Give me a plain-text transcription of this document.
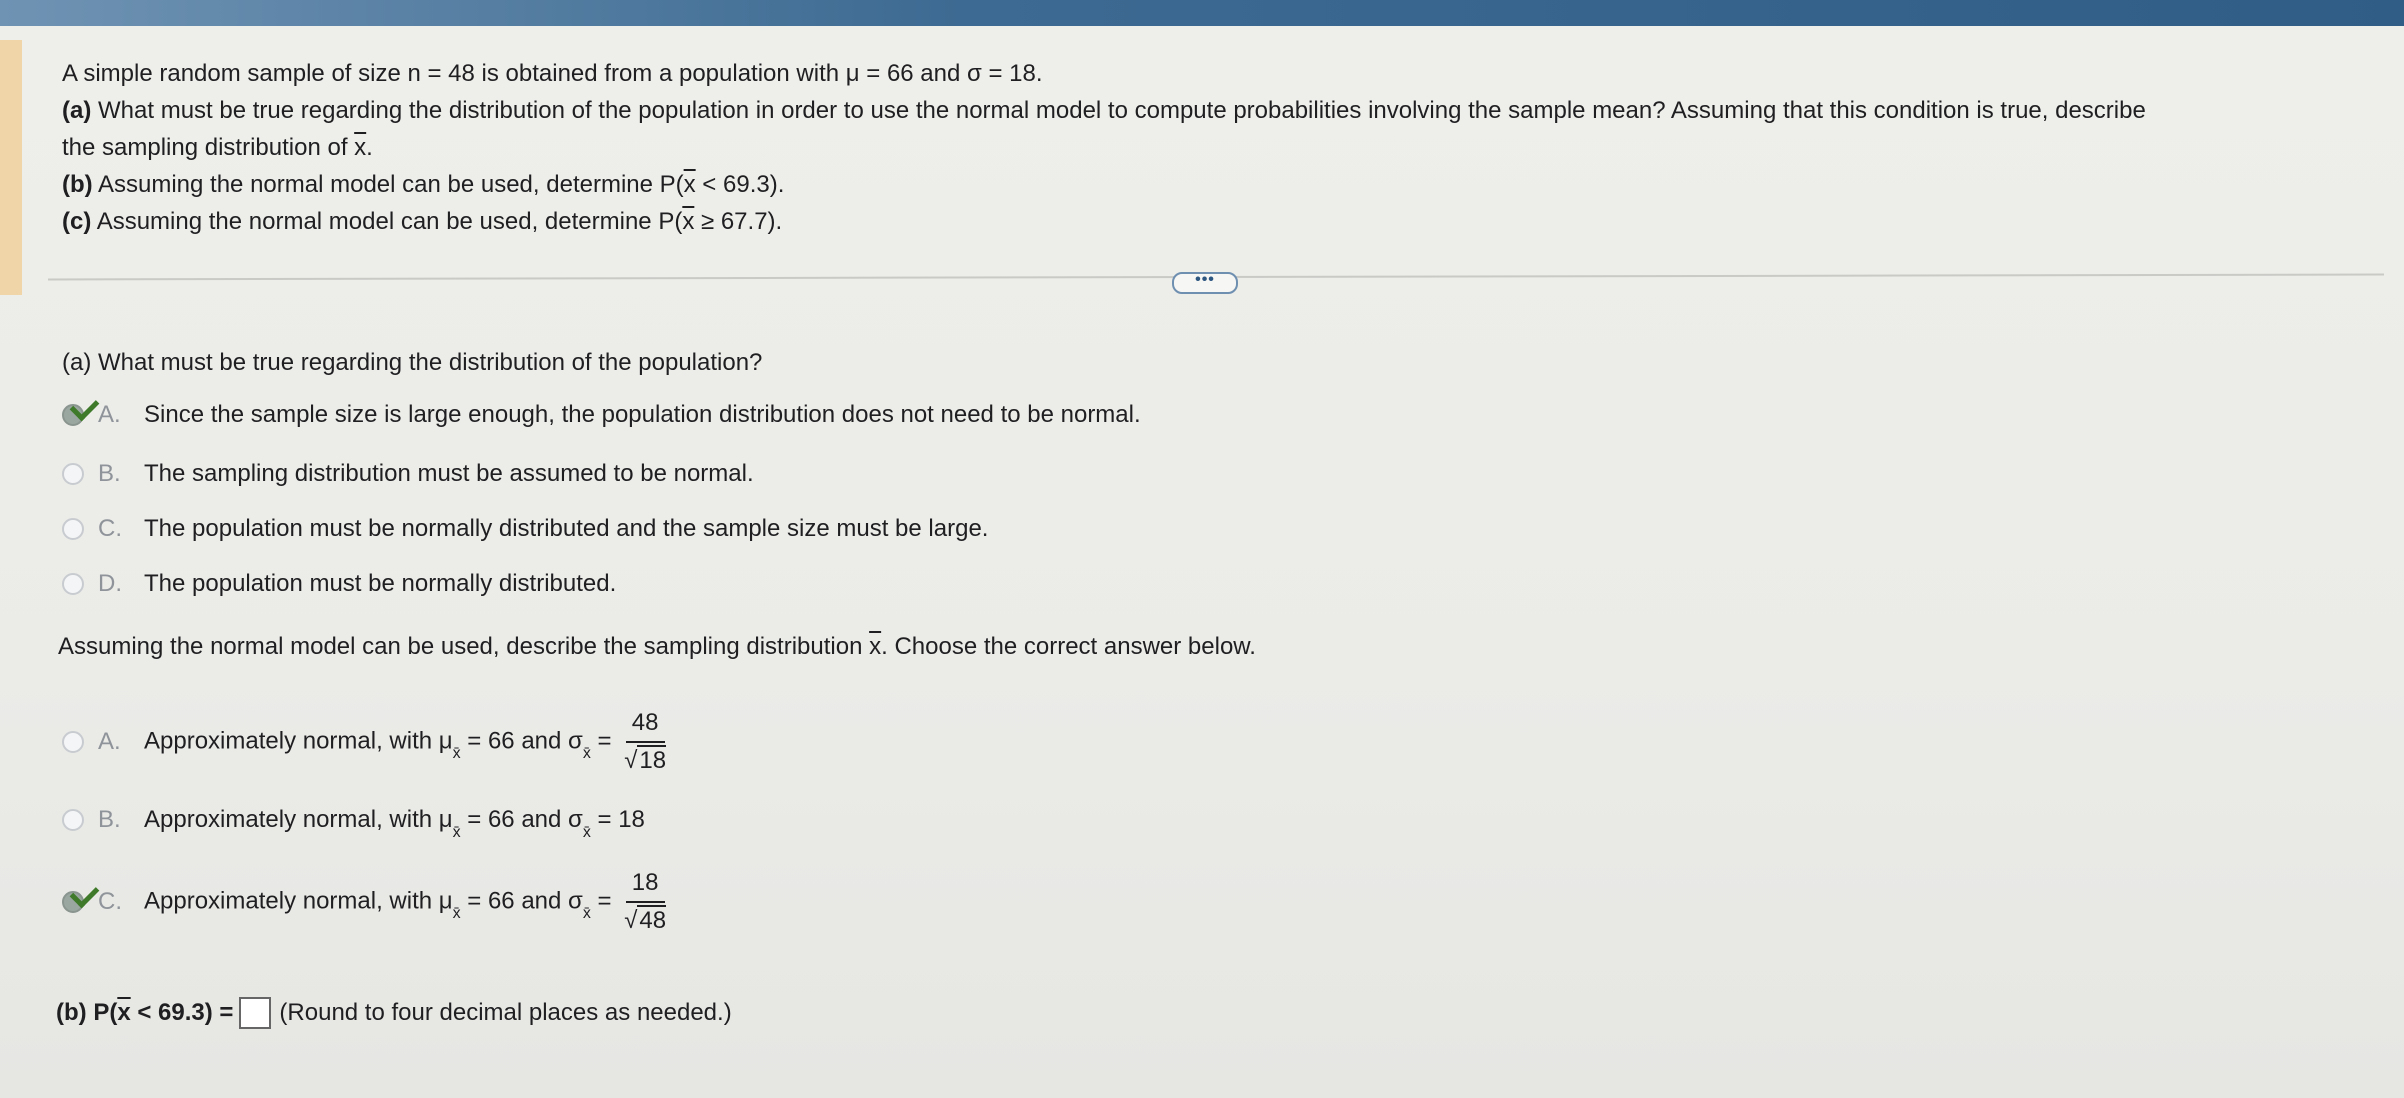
A simple random sample of size n = 48 is obtained from a population with μ = 66 and σ = 18.
(a) What must be true regarding the distribution of the population in order to use the normal model to compute probabilities involving the sample mean? Assuming that this condition is true, describe
the sampling distribution of $\overline{x}$.
(b) Assuming the normal model can be used, determine $P(\overline{x} < 69.3)$.
(c) Assuming the normal model can be used, determine $P(\overline{x} \ge 67.7)$.
•••
(a) What must be true regarding the distribution of the population?
A. Since the sample size is large enough, the population distribution does not need to be normal.
B. The sampling distribution must be assumed to be normal.
C. The population must be normally distributed and the sample size must be large.
D. The population must be normally distributed.
Assuming the normal model can be used, describe the sampling distribution $\overline{x}$. Choose the correct answer below.
A. Approximately normal, with $\mu_{x̄} = 66$ and $\sigma_{x̄} = \frac{48}{√18}$
B. Approximately normal, with $\mu_{x̄} = 66$ and $\sigma_{x̄} = 18$
C. Approximately normal, with $\mu_{x̄} = 66$ and $\sigma_{x̄} = \frac{18}{√48}$
(b) $P(\overline{x} < 69.3)$ = (Round to four decimal places as needed.)
